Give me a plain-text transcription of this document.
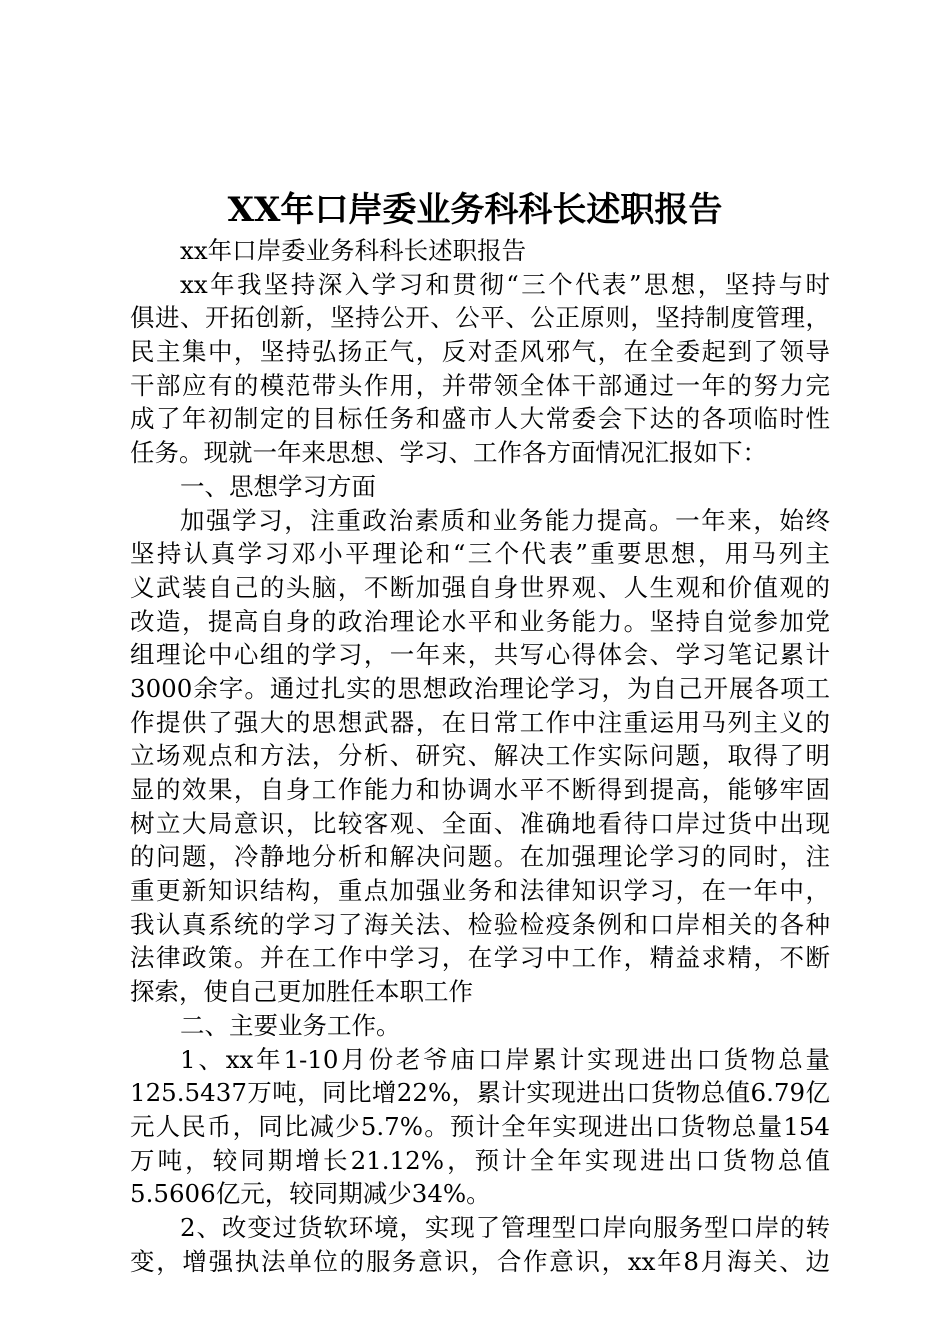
XX年口岸委业务科科长述职报告
xx年口岸委业务科科长述职报告
xx年我坚持深入学习和贯彻“三个代表”思想，坚持与时
俱进、开拓创新，坚持公开、公平、公正原则，坚持制度管理，
民主集中，坚持弘扬正气，反对歪风邪气，在全委起到了领导
干部应有的模范带头作用，并带领全体干部通过一年的努力完
成了年初制定的目标任务和盛市人大常委会下达的各项临时性
任务。现就一年来思想、学习、工作各方面情况汇报如下：
一、思想学习方面
加强学习，注重政治素质和业务能力提高。一年来，始终
坚持认真学习邓小平理论和“三个代表”重要思想，用马列主
义武装自己的头脑，不断加强自身世界观、人生观和价值观的
改造，提高自身的政治理论水平和业务能力。坚持自觉参加党
组理论中心组的学习，一年来，共写心得体会、学习笔记累计
3000余字。通过扎实的思想政治理论学习，为自己开展各项工
作提供了强大的思想武器，在日常工作中注重运用马列主义的
立场观点和方法，分析、研究、解决工作实际问题，取得了明
显的效果，自身工作能力和协调水平不断得到提高，能够牢固
树立大局意识，比较客观、全面、准确地看待口岸过货中出现
的问题，冷静地分析和解决问题。在加强理论学习的同时，注
重更新知识结构，重点加强业务和法律知识学习，在一年中，
我认真系统的学习了海关法、检验检疫条例和口岸相关的各种
法律政策。并在工作中学习，在学习中工作，精益求精，不断
探索，使自己更加胜任本职工作
二、主要业务工作。
1、xx年1-10月份老爷庙口岸累计实现进出口货物总量
125.5437万吨，同比增22%，累计实现进出口货物总值6.79亿
元人民币，同比减少5.7%。预计全年实现进出口货物总量154
万吨，较同期增长21.12%，预计全年实现进出口货物总值
5.5606亿元，较同期减少34%。
2、改变过货软环境，实现了管理型口岸向服务型口岸的转
变，增强执法单位的服务意识，合作意识，xx年8月海关、边
